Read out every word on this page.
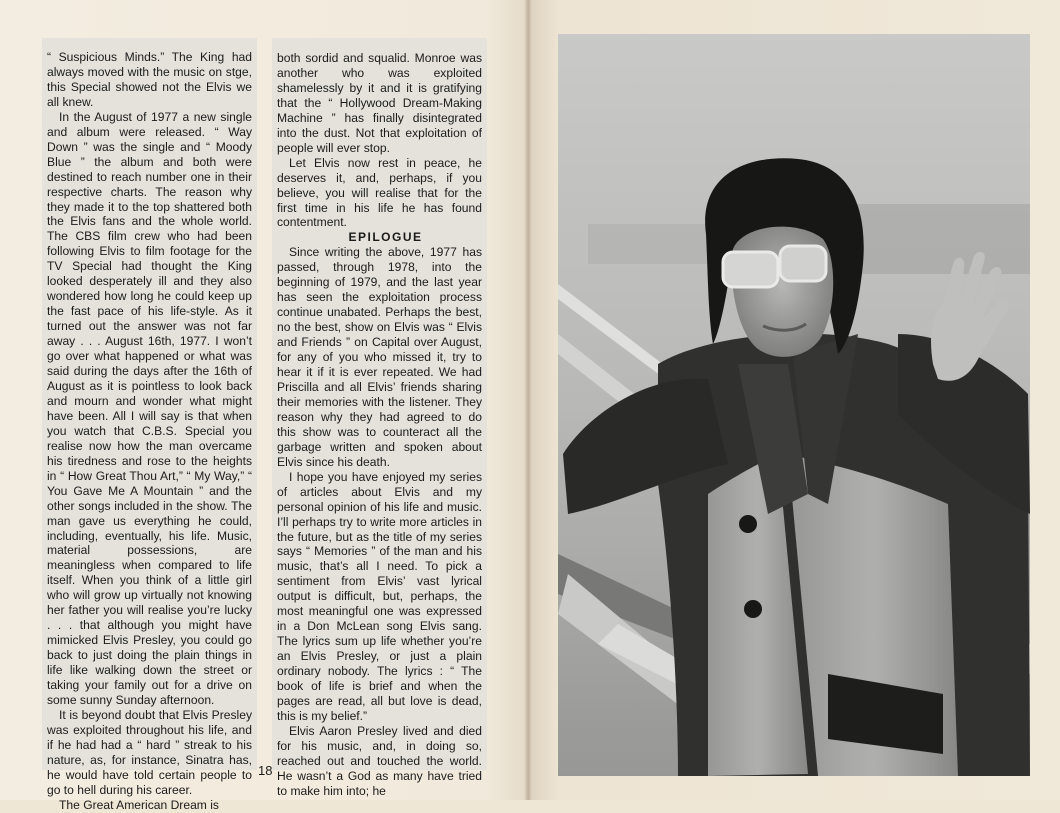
“ Suspicious Minds.” The King had always moved with the music on stge, this Special showed not the Elvis we all knew.

In the August of 1977 a new single and album were released. “ Way Down ” was the single and “ Moody Blue ” the album and both were destined to reach number one in their respective charts. The reason why they made it to the top shattered both the Elvis fans and the whole world. The CBS film crew who had been following Elvis to film footage for the TV Special had thought the King looked desperately ill and they also wondered how long he could keep up the fast pace of his life-style. As it turned out the answer was not far away . . . August 16th, 1977. I won’t go over what happened or what was said during the days after the 16th of August as it is pointless to look back and mourn and wonder what might have been. All I will say is that when you watch that C.B.S. Special you realise now how the man overcame his tiredness and rose to the heights in “ How Great Thou Art,” “ My Way,” “ You Gave Me A Mountain ” and the other songs included in the show. The man gave us everything he could, including, eventually, his life. Music, material possessions, are meaningless when compared to life itself. When you think of a little girl who will grow up virtually not knowing her father you will realise you’re lucky . . . that although you might have mimicked Elvis Presley, you could go back to just doing the plain things in life like walking down the street or taking your family out for a drive on some sunny Sunday afternoon.

It is beyond doubt that Elvis Presley was exploited throughout his life, and if he had had a “ hard ” streak to his nature, as, for instance, Sinatra has, he would have told certain people to go to hell during his career.

The Great American Dream is

both sordid and squalid. Monroe was another who was exploited shamelessly by it and it is gratifying that the “ Hollywood Dream-Making Machine ” has finally disintegrated into the dust. Not that exploitation of people will ever stop.

Let Elvis now rest in peace, he deserves it, and, perhaps, if you believe, you will realise that for the first time in his life he has found contentment.

EPILOGUE

Since writing the above, 1977 has passed, through 1978, into the beginning of 1979, and the last year has seen the exploitation process continue unabated. Perhaps the best, no the best, show on Elvis was “ Elvis and Friends ” on Capital over August, for any of you who missed it, try to hear it if it is ever repeated. We had Priscilla and all Elvis’ friends sharing their memories with the listener. They reason why they had agreed to do this show was to counteract all the garbage written and spoken about Elvis since his death.

I hope you have enjoyed my series of articles about Elvis and my personal opinion of his life and music. I’ll perhaps try to write more articles in the future, but as the title of my series says “ Memories ” of the man and his music, that’s all I need. To pick a sentiment from Elvis’ vast lyrical output is difficult, but, perhaps, the most meaningful one was expressed in a Don McLean song Elvis sang. The lyrics sum up life whether you’re an Elvis Presley, or just a plain ordinary nobody. The lyrics : “ The book of life is brief and when the pages are read, all but love is dead, this is my belief.”

Elvis Aaron Presley lived and died for his music, and, in doing so, reached out and touched the world. He wasn’t a God as many have tried to make him into; he

18
